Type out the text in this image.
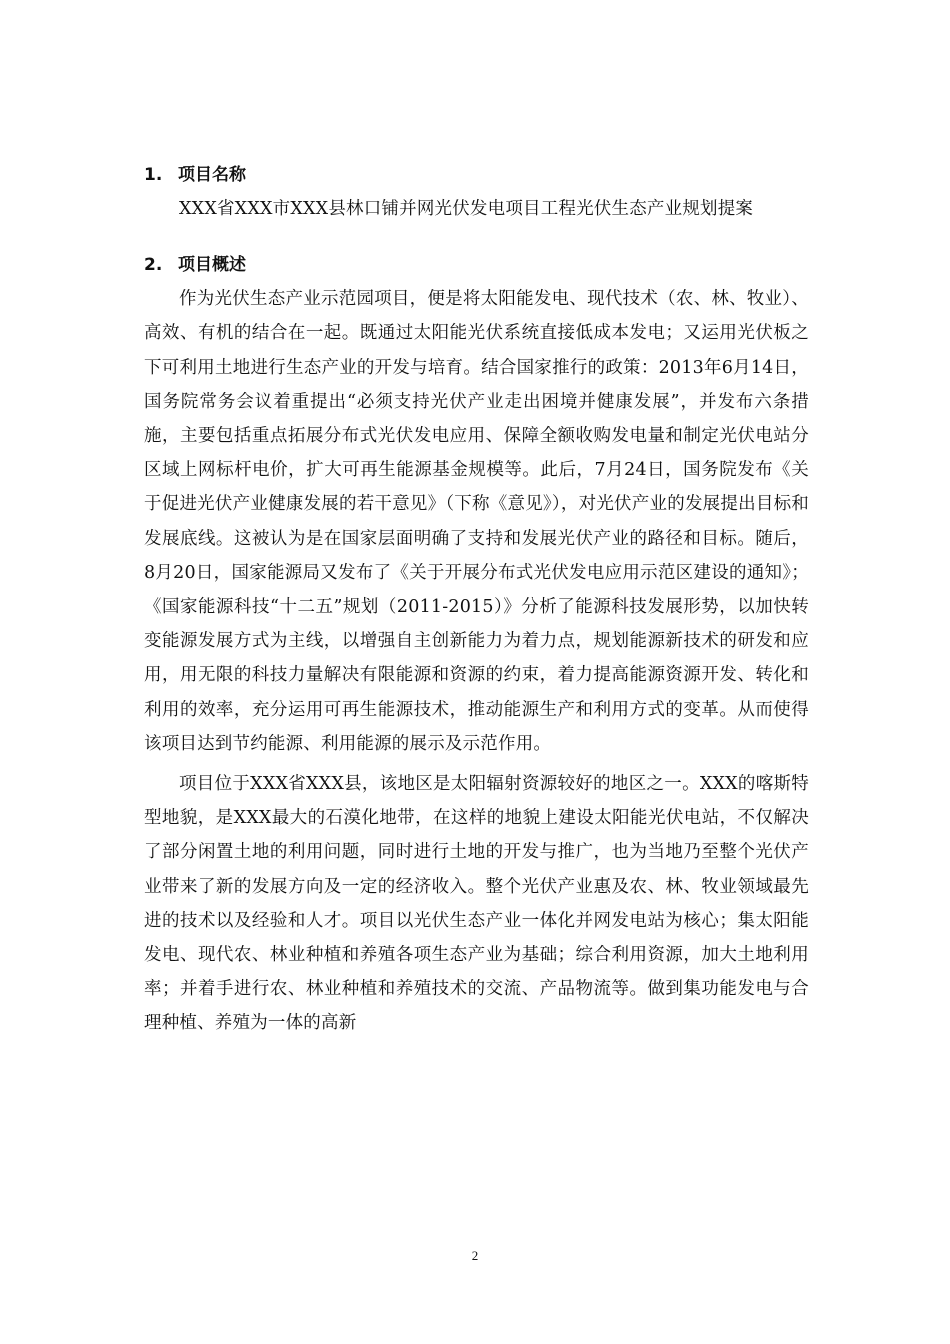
1. 项目名称

XXX省XXX市XXX县林口铺并网光伏发电项目工程光伏生态产业规划提案

2. 项目概述

作为光伏生态产业示范园项目，便是将太阳能发电、现代技术（农、林、牧业）、高效、有机的结合在一起。既通过太阳能光伏系统直接低成本发电；又运用光伏板之下可利用土地进行生态产业的开发与培育。结合国家推行的政策：2013年6月14日，国务院常务会议着重提出“必须支持光伏产业走出困境并健康发展”，并发布六条措施，主要包括重点拓展分布式光伏发电应用、保障全额收购发电量和制定光伏电站分区域上网标杆电价，扩大可再生能源基金规模等。此后，7月24日，国务院发布《关于促进光伏产业健康发展的若干意见》（下称《意见》），对光伏产业的发展提出目标和发展底线。这被认为是在国家层面明确了支持和发展光伏产业的路径和目标。随后，8月20日，国家能源局又发布了《关于开展分布式光伏发电应用示范区建设的通知》；《国家能源科技“十二五”规划（2011-2015）》分析了能源科技发展形势，以加快转变能源发展方式为主线，以增强自主创新能力为着力点，规划能源新技术的研发和应用，用无限的科技力量解决有限能源和资源的约束，着力提高能源资源开发、转化和利用的效率，充分运用可再生能源技术，推动能源生产和利用方式的变革。从而使得该项目达到节约能源、利用能源的展示及示范作用。

项目位于XXX省XXX县，该地区是太阳辐射资源较好的地区之一。XXX的喀斯特型地貌，是XXX最大的石漠化地带，在这样的地貌上建设太阳能光伏电站，不仅解决了部分闲置土地的利用问题，同时进行土地的开发与推广，也为当地乃至整个光伏产业带来了新的发展方向及一定的经济收入。整个光伏产业惠及农、林、牧业领域最先进的技术以及经验和人才。项目以光伏生态产业一体化并网发电站为核心；集太阳能发电、现代农、林业种植和养殖各项生态产业为基础；综合利用资源，加大土地利用率；并着手进行农、林业种植和养殖技术的交流、产品物流等。做到集功能发电与合理种植、养殖为一体的高新

2
